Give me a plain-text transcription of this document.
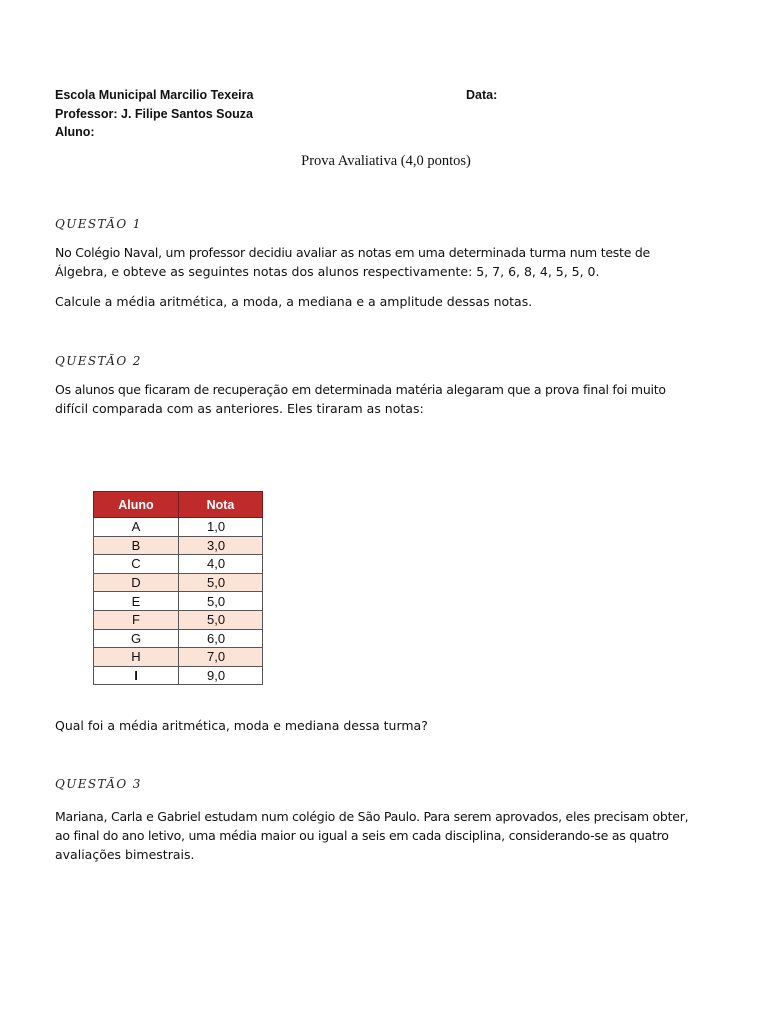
Escola Municipal Marcilio Texeira	Data:
Professor: J. Filipe Santos Souza
Aluno:
Prova Avaliativa (4,0 pontos)
QUESTÃO 1

No Colégio Naval, um professor decidiu avaliar as notas em uma determinada turma num teste de

Álgebra, e obteve as seguintes notas dos alunos respectivamente: 5, 7, 6, 8, 4, 5, 5, 0.

Calcule a média aritmética, a moda, a mediana e a amplitude dessas notas.

QUESTÃO 2

Os alunos que ficaram de recuperação em determinada matéria alegaram que a prova final foi muito

difícil comparada com as anteriores. Eles tiraram as notas:

Aluno	Nota
A	1,0
B	3,0
C	4,0
D	5,0
E	5,0
F	5,0
G	6,0
H	7,0
I	9,0

Qual foi a média aritmética, moda e mediana dessa turma?

QUESTÃO 3

Mariana, Carla e Gabriel estudam num colégio de São Paulo. Para serem aprovados, eles precisam obter,

ao final do ano letivo, uma média maior ou igual a seis em cada disciplina, considerando-se as quatro

avaliações bimestrais.
